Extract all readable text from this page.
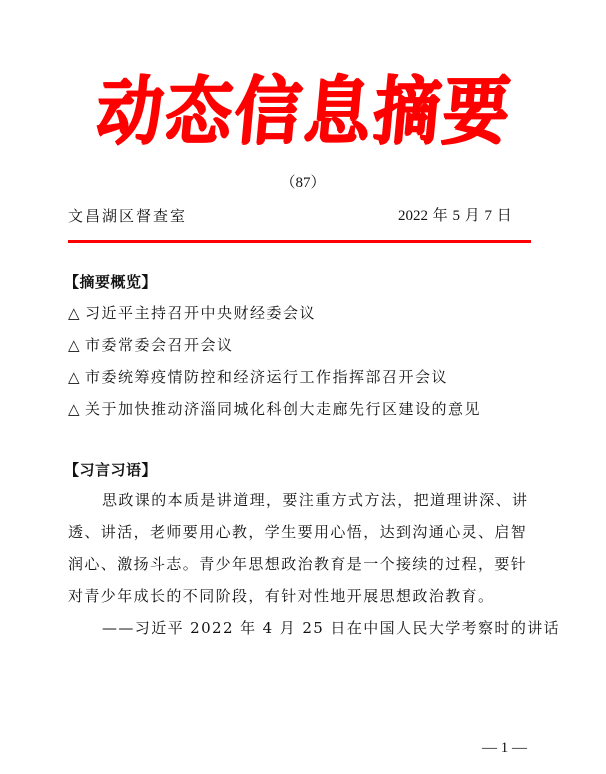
动
态
信
息
摘
要
（87）
文昌湖区督查室	2022 年 5 月 7 日
【摘要概览】
△ 习近平主持召开中央财经委会议
△ 市委常委会召开会议
△ 市委统筹疫情防控和经济运行工作指挥部召开会议
△ 关于加快推动济淄同城化科创大走廊先行区建设的意见
【习言习语】
思政课的本质是讲道理，要注重方式方法，把道理讲深、讲
透、讲活，老师要用心教，学生要用心悟，达到沟通心灵、启智
润心、激扬斗志。青少年思想政治教育是一个接续的过程，要针
对青少年成长的不同阶段，有针对性地开展思想政治教育。
——习近平 2022 年 4 月 25 日在中国人民大学考察时的讲话
— 1 —
